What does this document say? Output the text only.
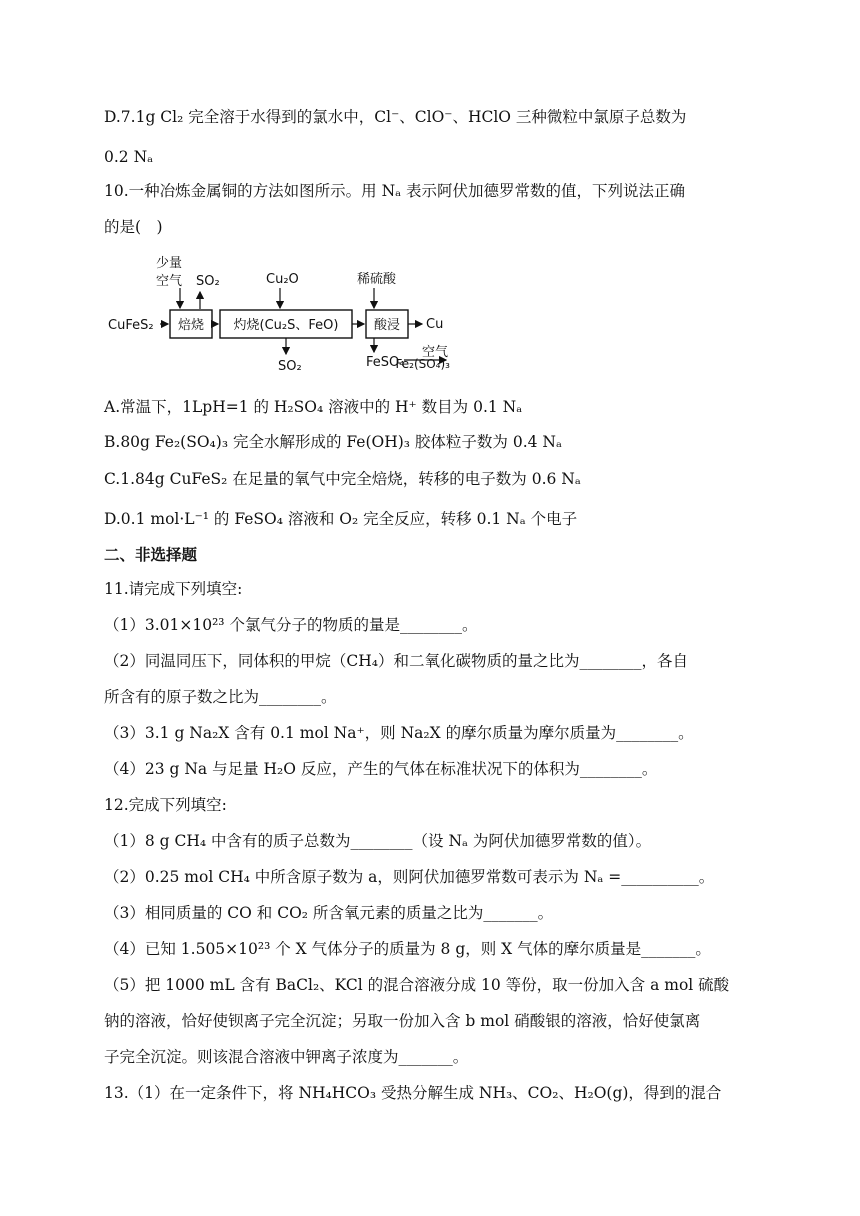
D.7.1g Cl₂ 完全溶于水得到的氯水中，Cl⁻、ClO⁻、HClO 三种微粒中氯原子总数为
0.2 Nₐ
10.一种冶炼金属铜的方法如图所示。用 Nₐ 表示阿伏加德罗常数的值，下列说法正确
的是(　)
少量
空气 SO₂	Cu₂O	稀硫酸
CuFeS₂	Cu
SO₂	FeSO₄
空气
Fe₂(SO₄)₃
焙烧 灼烧(Cu₂S、FeO)	酸浸
A.常温下，1LpH=1 的 H₂SO₄ 溶液中的 H⁺ 数目为 0.1 Nₐ
B.80g Fe₂(SO₄)₃ 完全水解形成的 Fe(OH)₃ 胶体粒子数为 0.4 Nₐ
C.1.84g CuFeS₂ 在足量的氧气中完全焙烧，转移的电子数为 0.6 Nₐ
D.0.1 mol·L⁻¹ 的 FeSO₄ 溶液和 O₂ 完全反应，转移 0.1 Nₐ 个电子
二、非选择题
11.请完成下列填空:
（1）3.01×10²³ 个氯气分子的物质的量是________。
（2）同温同压下，同体积的甲烷（CH₄）和二氧化碳物质的量之比为________，各自
所含有的原子数之比为________。
（3）3.1 g Na₂X 含有 0.1 mol Na⁺，则 Na₂X 的摩尔质量为摩尔质量为________。
（4）23 g Na 与足量 H₂O 反应，产生的气体在标准状况下的体积为________。
12.完成下列填空:
（1）8 g CH₄ 中含有的质子总数为________（设 Nₐ 为阿伏加德罗常数的值）。
（2）0.25 mol CH₄ 中所含原子数为 a，则阿伏加德罗常数可表示为 Nₐ =__________。
（3）相同质量的 CO 和 CO₂ 所含氧元素的质量之比为_______。
（4）已知 1.505×10²³ 个 X 气体分子的质量为 8 g，则 X 气体的摩尔质量是_______。
（5）把 1000 mL 含有 BaCl₂、KCl 的混合溶液分成 10 等份，取一份加入含 a mol 硫酸
钠的溶液，恰好使钡离子完全沉淀；另取一份加入含 b mol 硝酸银的溶液，恰好使氯离
子完全沉淀。则该混合溶液中钾离子浓度为_______。
13.（1）在一定条件下，将 NH₄HCO₃ 受热分解生成 NH₃、CO₂、H₂O(g)，得到的混合
